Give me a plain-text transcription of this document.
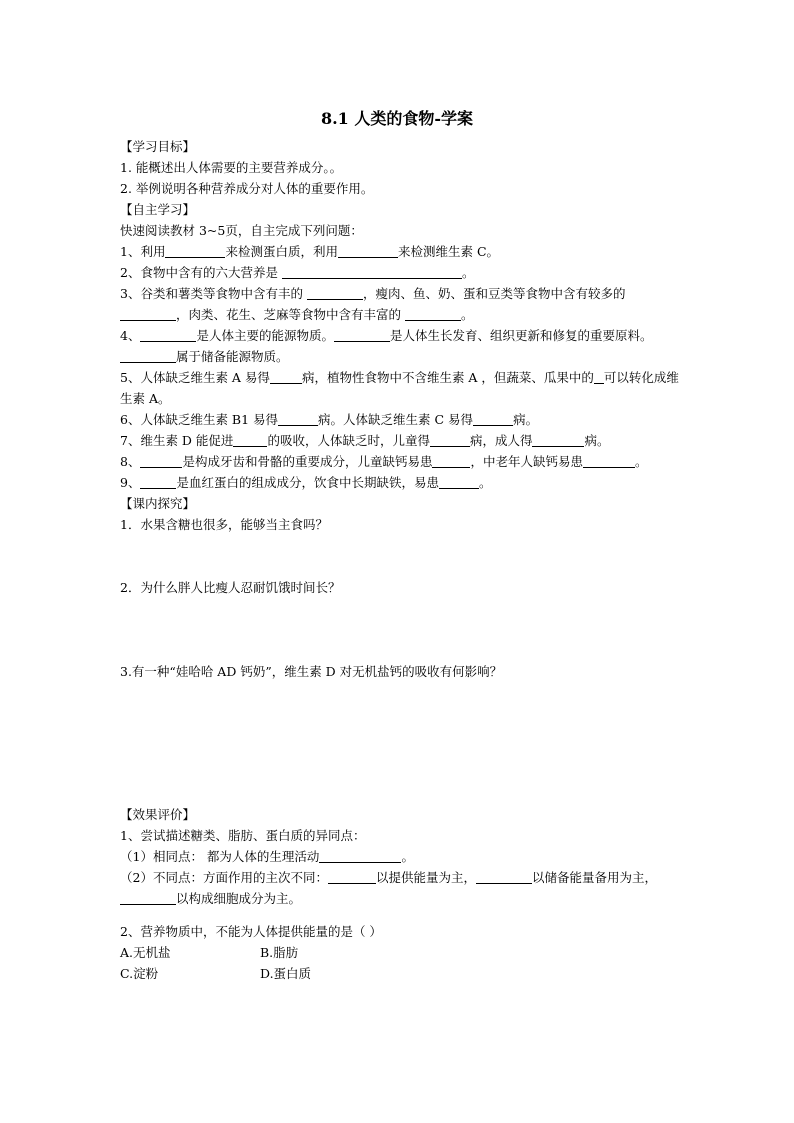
8.1 人类的食物-学案
【学习目标】
1. 能概述出人体需要的主要营养成分。。
2. 举例说明各种营养成分对人体的重要作用。
【自主学习】
快速阅读教材 3~5页，自主完成下列问题：
1、利用	来检测蛋白质，利用	来检测维生素 C。
2、食物中含有的六大营养是	。
3、谷类和薯类等食物中含有丰的	，瘦肉、鱼、奶、蛋和豆类等食物中含有较多的
，肉类、花生、芝麻等食物中含有丰富的	。
4、	是人体主要的能源物质。	是人体生长发育、组织更新和修复的重要原料。属于储备能源物质。
5、人体缺乏维生素 A 易得	病，植物性食物中不含维生素 A ，但蔬菜、瓜果中的 可以转化成维生素 A。
6、人体缺乏维生素 B1 易得	病。人体缺乏维生素 C 易得	病。
7、维生素 D 能促进	的吸收，人体缺乏时，儿童得	病，成人得	病。
8、	是构成牙齿和骨骼的重要成分，儿童缺钙易患	，中老年人缺钙易患	。
9、	是血红蛋白的组成成分，饮食中长期缺铁，易患	。
【课内探究】
1．水果含糖也很多，能够当主食吗？
2．为什么胖人比瘦人忍耐饥饿时间长？
3.有一种“娃哈哈 AD 钙奶”，维生素 D 对无机盐钙的吸收有何影响？
【效果评价】
1、尝试描述糖类、脂肪、蛋白质的异同点：
（1）相同点： 都为人体的生理活动	。
（2）不同点：方面作用的主次不同：	以提供能量为主，	以储备能量备用为主，以构成细胞成分为主。
2、营养物质中，不能为人体提供能量的是（ ）
A.无机盐	B.脂肪
C.淀粉	D.蛋白质
